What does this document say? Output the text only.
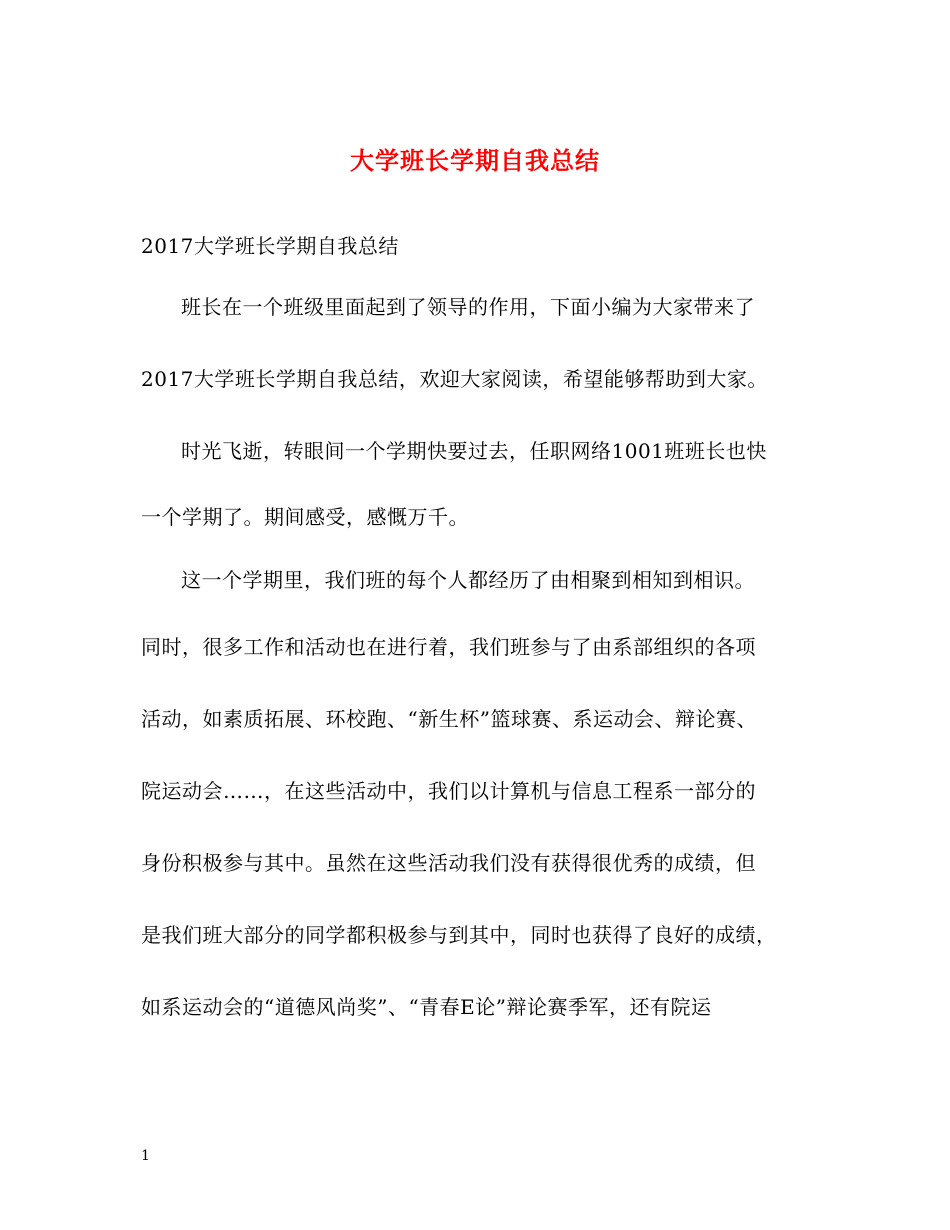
大学班长学期自我总结
2017大学班长学期自我总结
班长在一个班级里面起到了领导的作用，下面小编为大家带来了
2017大学班长学期自我总结，欢迎大家阅读，希望能够帮助到大家。
时光飞逝，转眼间一个学期快要过去，任职网络1001班班长也快
一个学期了。期间感受，感慨万千。
这一个学期里，我们班的每个人都经历了由相聚到相知到相识。
同时，很多工作和活动也在进行着，我们班参与了由系部组织的各项
活动，如素质拓展、环校跑、“新生杯”篮球赛、系运动会、辩论赛、
院运动会……，在这些活动中，我们以计算机与信息工程系一部分的
身份积极参与其中。虽然在这些活动我们没有获得很优秀的成绩，但
是我们班大部分的同学都积极参与到其中，同时也获得了良好的成绩，
如系运动会的“道德风尚奖”、“青春E论”辩论赛季军，还有院运
1
